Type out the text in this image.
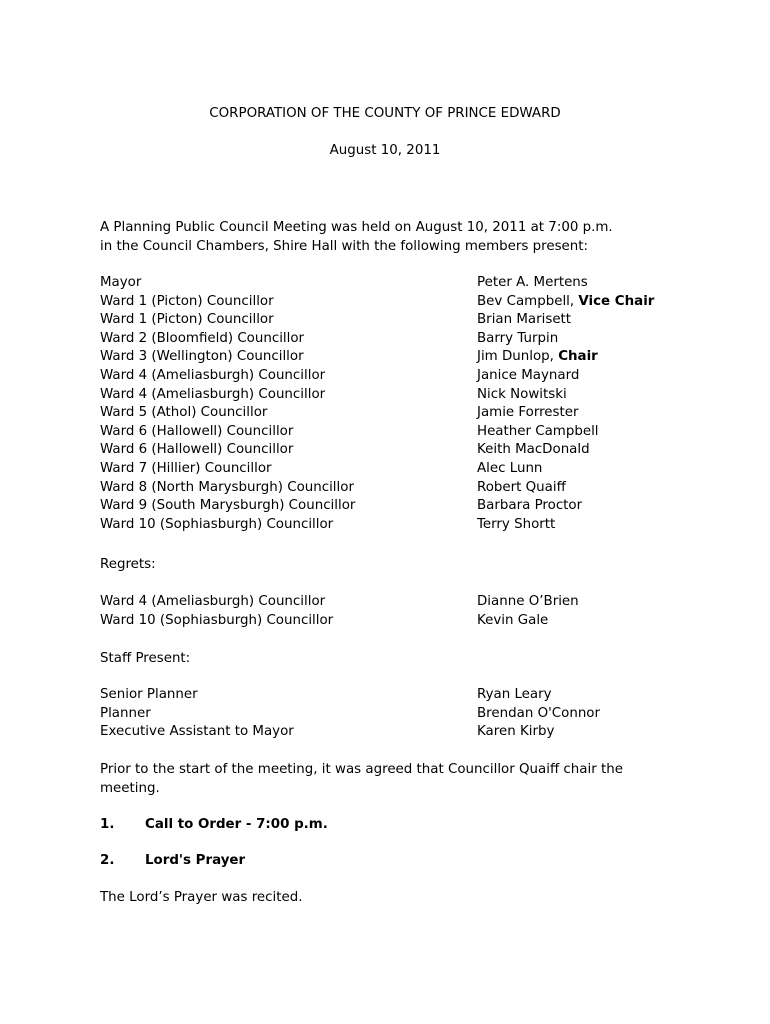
CORPORATION OF THE COUNTY OF PRINCE EDWARD
August 10, 2011
A Planning Public Council Meeting was held on August 10, 2011 at 7:00 p.m.
in the Council Chambers, Shire Hall with the following members present:
Mayor	Peter A. Mertens
Ward 1 (Picton) Councillor	Bev Campbell, Vice Chair
Ward 1 (Picton) Councillor	Brian Marisett
Ward 2 (Bloomfield) Councillor	Barry Turpin
Ward 3 (Wellington) Councillor	Jim Dunlop, Chair
Ward 4 (Ameliasburgh) Councillor	Janice Maynard
Ward 4 (Ameliasburgh) Councillor	Nick Nowitski
Ward 5 (Athol) Councillor	Jamie Forrester
Ward 6 (Hallowell) Councillor	Heather Campbell
Ward 6 (Hallowell) Councillor	Keith MacDonald
Ward 7 (Hillier) Councillor	Alec Lunn
Ward 8 (North Marysburgh) Councillor	Robert Quaiff
Ward 9 (South Marysburgh) Councillor	Barbara Proctor
Ward 10 (Sophiasburgh) Councillor	Terry Shortt
Regrets:
Ward 4 (Ameliasburgh) Councillor	Dianne O’Brien
Ward 10 (Sophiasburgh) Councillor	Kevin Gale
Staff Present:
Senior Planner	Ryan Leary
Planner	Brendan O'Connor
Executive Assistant to Mayor	Karen Kirby
Prior to the start of the meeting, it was agreed that Councillor Quaiff chair the
meeting.
1. Call to Order - 7:00 p.m.
2. Lord's Prayer
The Lord’s Prayer was recited.
